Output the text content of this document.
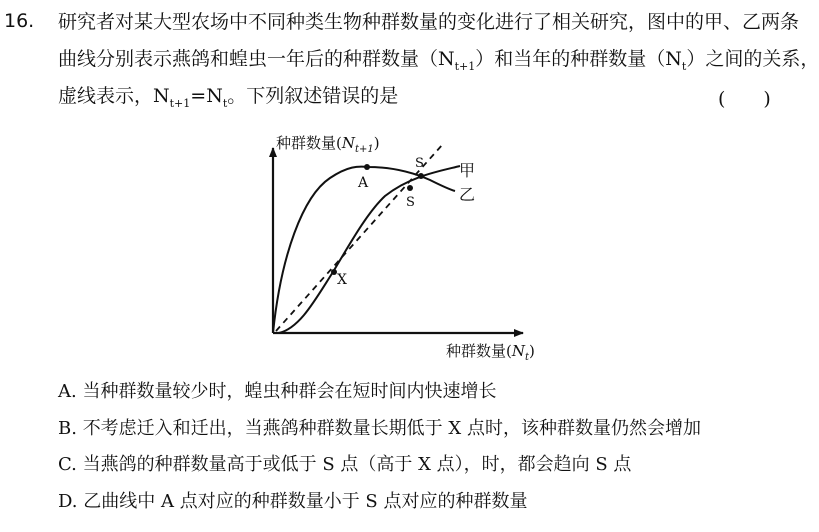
16. 研究者对某大型农场中不同种类生物种群数量的变化进行了相关研究，图中的甲、乙两条
曲线分别表示燕鸽和蝗虫一年后的种群数量$(N_{t+1})$和当年的种群数量$(N_t)$之间的关系，
虚线表示，$N_{t+1}=N_t$。下列叙述错误的是	(　　)
A
S
S
X
甲
乙
种群数量$(N_{t+1})$
种群数量$(N_t)$
A. 当种群数量较少时，蝗虫种群会在短时间内快速增长
B. 不考虑迁入和迁出，当燕鸽种群数量长期低于 X 点时，该种群数量仍然会增加
C. 当燕鸽的种群数量高于或低于 S 点（高于 X 点），时，都会趋向 S 点
D. 乙曲线中 A 点对应的种群数量小于 S 点对应的种群数量
